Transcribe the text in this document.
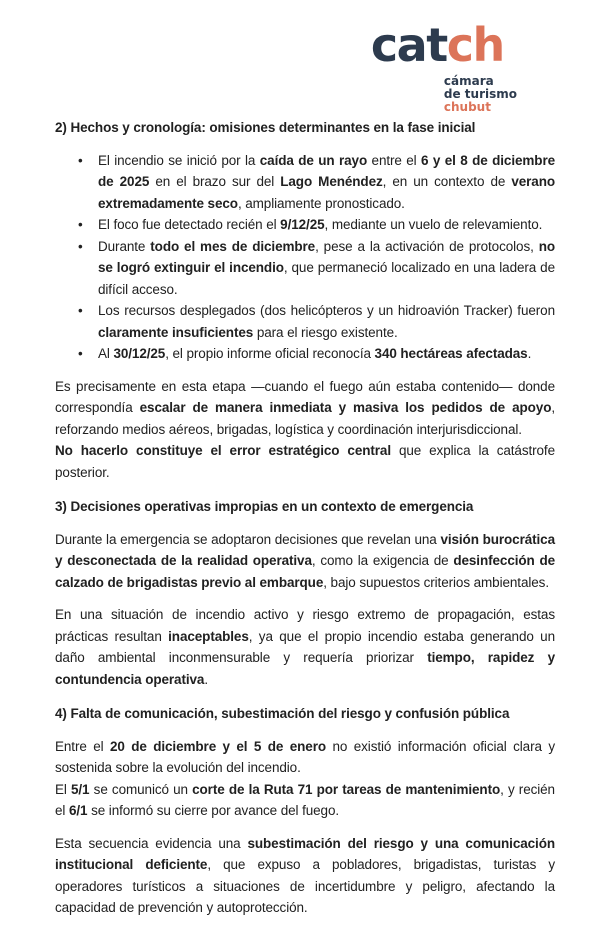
catch
cámara
de turismo
chubut

2) Hechos y cronología: omisiones determinantes en la fase inicial

•	El incendio se inició por la caída de un rayo entre el 6 y el 8 de diciembre de 2025 en el brazo sur del Lago Menéndez, en un contexto de verano extremadamente seco, ampliamente pronosticado.
•	El foco fue detectado recién el 9/12/25, mediante un vuelo de relevamiento.
•	Durante todo el mes de diciembre, pese a la activación de protocolos, no se logró extinguir el incendio, que permaneció localizado en una ladera de difícil acceso.
•	Los recursos desplegados (dos helicópteros y un hidroavión Tracker) fueron claramente insuficientes para el riesgo existente.
•	Al 30/12/25, el propio informe oficial reconocía 340 hectáreas afectadas.

Es precisamente en esta etapa —cuando el fuego aún estaba contenido— donde correspondía escalar de manera inmediata y masiva los pedidos de apoyo, reforzando medios aéreos, brigadas, logística y coordinación interjurisdiccional.

No hacerlo constituye el error estratégico central que explica la catástrofe posterior.

3) Decisiones operativas impropias en un contexto de emergencia

Durante la emergencia se adoptaron decisiones que revelan una visión burocrática y desconectada de la realidad operativa, como la exigencia de desinfección de calzado de brigadistas previo al embarque, bajo supuestos criterios ambientales.

En una situación de incendio activo y riesgo extremo de propagación, estas prácticas resultan inaceptables, ya que el propio incendio estaba generando un daño ambiental inconmensurable y requería priorizar tiempo, rapidez y contundencia operativa.

4) Falta de comunicación, subestimación del riesgo y confusión pública

Entre el 20 de diciembre y el 5 de enero no existió información oficial clara y sostenida sobre la evolución del incendio.

El 5/1 se comunicó un corte de la Ruta 71 por tareas de mantenimiento, y recién el 6/1 se informó su cierre por avance del fuego.

Esta secuencia evidencia una subestimación del riesgo y una comunicación institucional deficiente, que expuso a pobladores, brigadistas, turistas y operadores turísticos a situaciones de incertidumbre y peligro, afectando la capacidad de prevención y autoprotección.
